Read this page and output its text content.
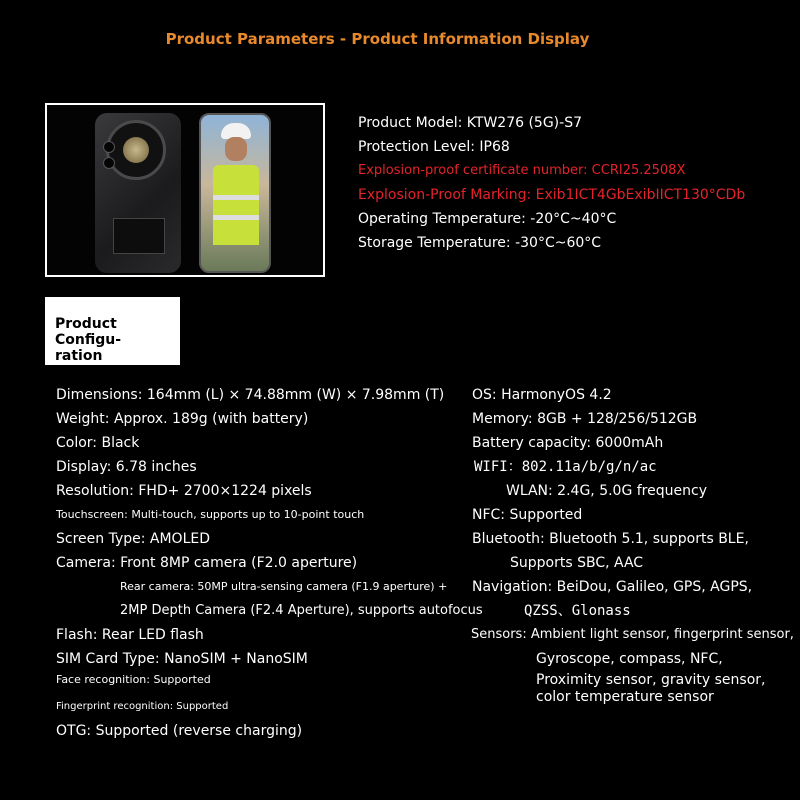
Product Parameters - Product Information Display
Product Model: KTW276 (5G)-S7
Protection Level: IP68
Explosion-proof certificate number: CCRI25.2508X
Explosion-Proof Marking: Exib1ICT4GbExibIICT130°CDb
Operating Temperature: -20°C~40°C
Storage Temperature: -30°C~60°C
Product Configu-
ration
Dimensions: 164mm (L) × 74.88mm (W) × 7.98mm (T)
Weight: Approx. 189g (with battery)
Color: Black
Display: 6.78 inches
Resolution: FHD+ 2700×1224 pixels
Touchscreen: Multi-touch, supports up to 10-point touch
Screen Type: AMOLED
Camera: Front 8MP camera (F2.0 aperture)
Rear camera: 50MP ultra-sensing camera (F1.9 aperture) +
2MP Depth Camera (F2.4 Aperture), supports autofocus
Flash: Rear LED flash
SIM Card Type: NanoSIM + NanoSIM
Face recognition: Supported
Fingerprint recognition: Supported
OTG: Supported (reverse charging)
OS: HarmonyOS 4.2
Memory: 8GB + 128/256/512GB
Battery capacity: 6000mAh
WIFI：802.11a/b/g/n/ac
WLAN: 2.4G, 5.0G frequency
NFC: Supported
Bluetooth: Bluetooth 5.1, supports BLE,
Supports SBC, AAC
Navigation: BeiDou, Galileo, GPS, AGPS,
QZSS、Glonass
Sensors: Ambient light sensor, fingerprint sensor,
Gyroscope, compass, NFC,
Proximity sensor, gravity sensor,
color temperature sensor
